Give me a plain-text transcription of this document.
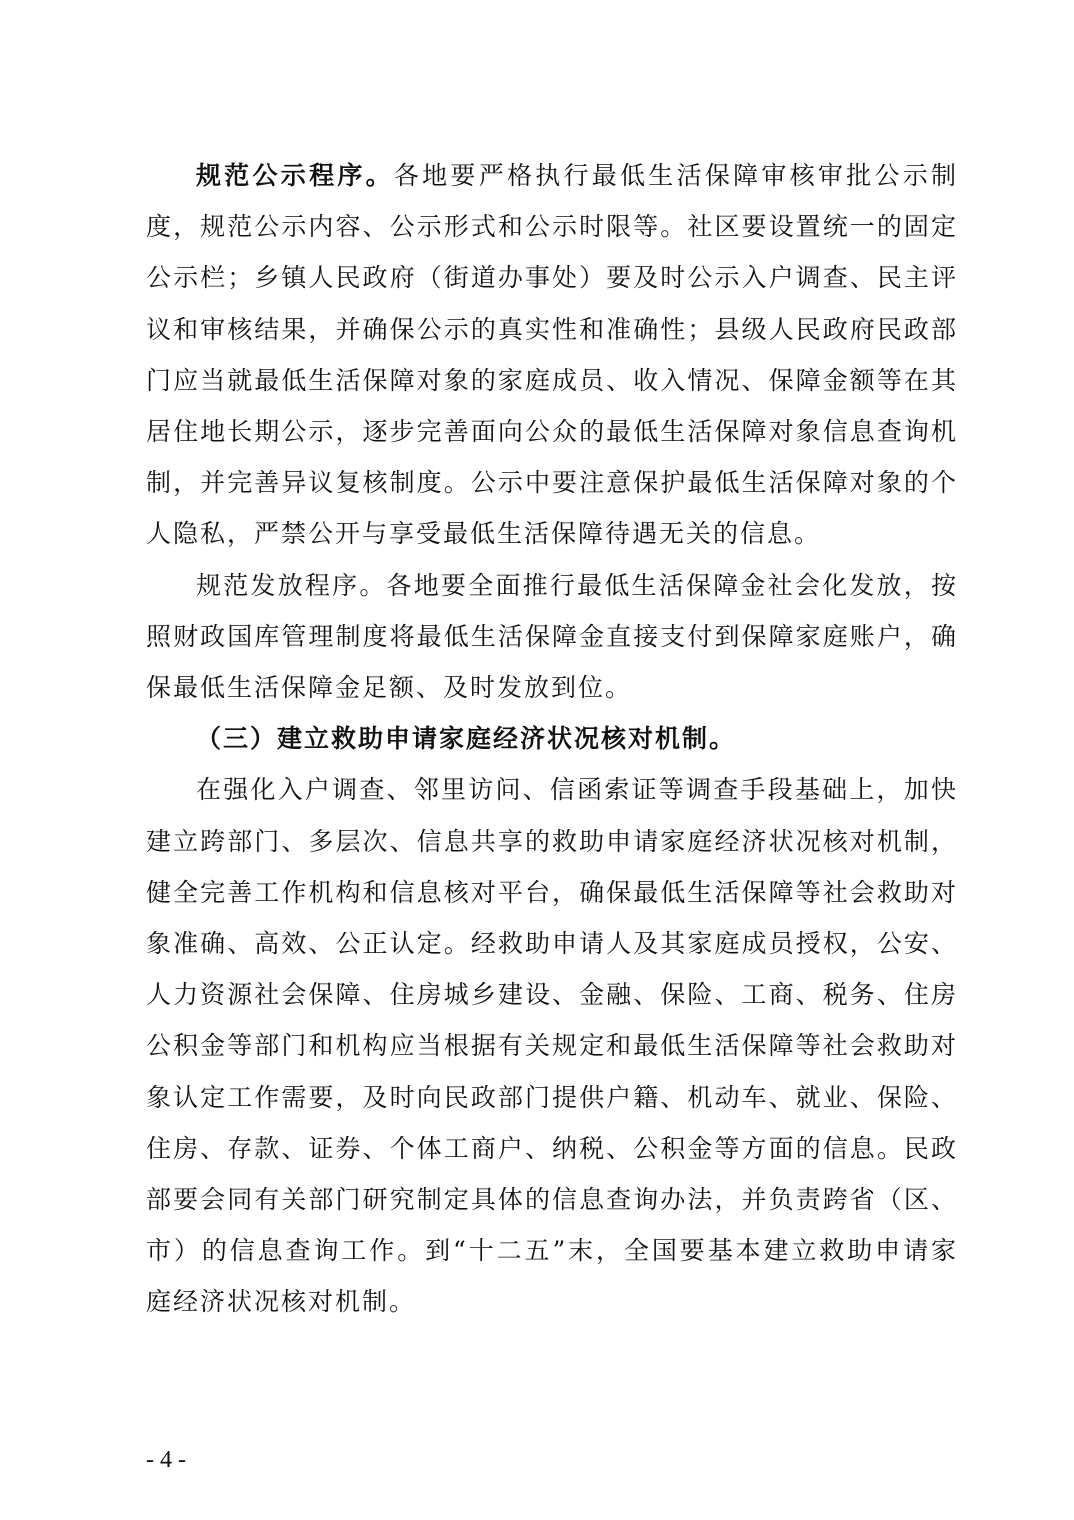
规范公示程序。各地要严格执行最低生活保障审核审批公示制度，规范公示内容、公示形式和公示时限等。社区要设置统一的固定公示栏；乡镇人民政府（街道办事处）要及时公示入户调查、民主评议和审核结果，并确保公示的真实性和准确性；县级人民政府民政部门应当就最低生活保障对象的家庭成员、收入情况、保障金额等在其居住地长期公示，逐步完善面向公众的最低生活保障对象信息查询机制，并完善异议复核制度。公示中要注意保护最低生活保障对象的个人隐私，严禁公开与享受最低生活保障待遇无关的信息。

规范发放程序。各地要全面推行最低生活保障金社会化发放，按照财政国库管理制度将最低生活保障金直接支付到保障家庭账户，确保最低生活保障金足额、及时发放到位。

（三）建立救助申请家庭经济状况核对机制。

在强化入户调查、邻里访问、信函索证等调查手段基础上，加快建立跨部门、多层次、信息共享的救助申请家庭经济状况核对机制，健全完善工作机构和信息核对平台，确保最低生活保障等社会救助对象准确、高效、公正认定。经救助申请人及其家庭成员授权，公安、人力资源社会保障、住房城乡建设、金融、保险、工商、税务、住房公积金等部门和机构应当根据有关规定和最低生活保障等社会救助对象认定工作需要，及时向民政部门提供户籍、机动车、就业、保险、住房、存款、证券、个体工商户、纳税、公积金等方面的信息。民政部要会同有关部门研究制定具体的信息查询办法，并负责跨省（区、市）的信息查询工作。到“十二五”末，全国要基本建立救助申请家庭经济状况核对机制。

- 4 -
